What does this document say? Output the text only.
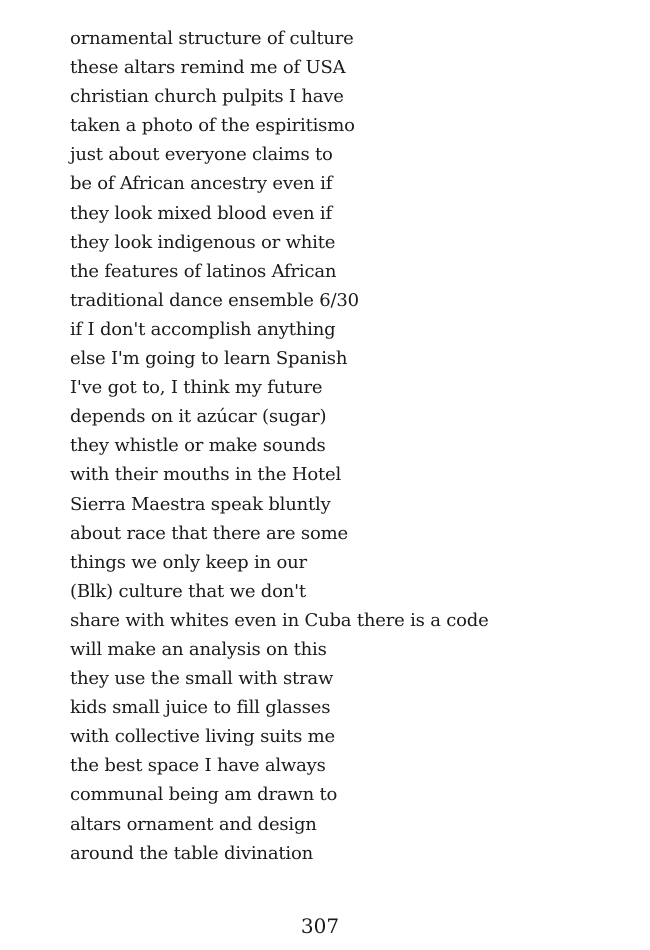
ornamental structure of culture
these altars remind me of USA
christian church pulpits I have
taken a photo of the espiritismo
just about everyone claims to
be of African ancestry even if
they look mixed blood even if
they look indigenous or white
the features of latinos African
traditional dance ensemble 6/30
if I don't accomplish anything
else I'm going to learn Spanish
I've got to, I think my future
depends on it azúcar (sugar)
they whistle or make sounds
with their mouths in the Hotel
Sierra Maestra speak bluntly
about race that there are some
things we only keep in our
(Blk) culture that we don't
share with whites even in Cuba there is a code
will make an analysis on this
they use the small with straw
kids small juice to fill glasses
with collective living suits me
the best space I have always
communal being am drawn to
altars ornament and design
around the table divination
307
